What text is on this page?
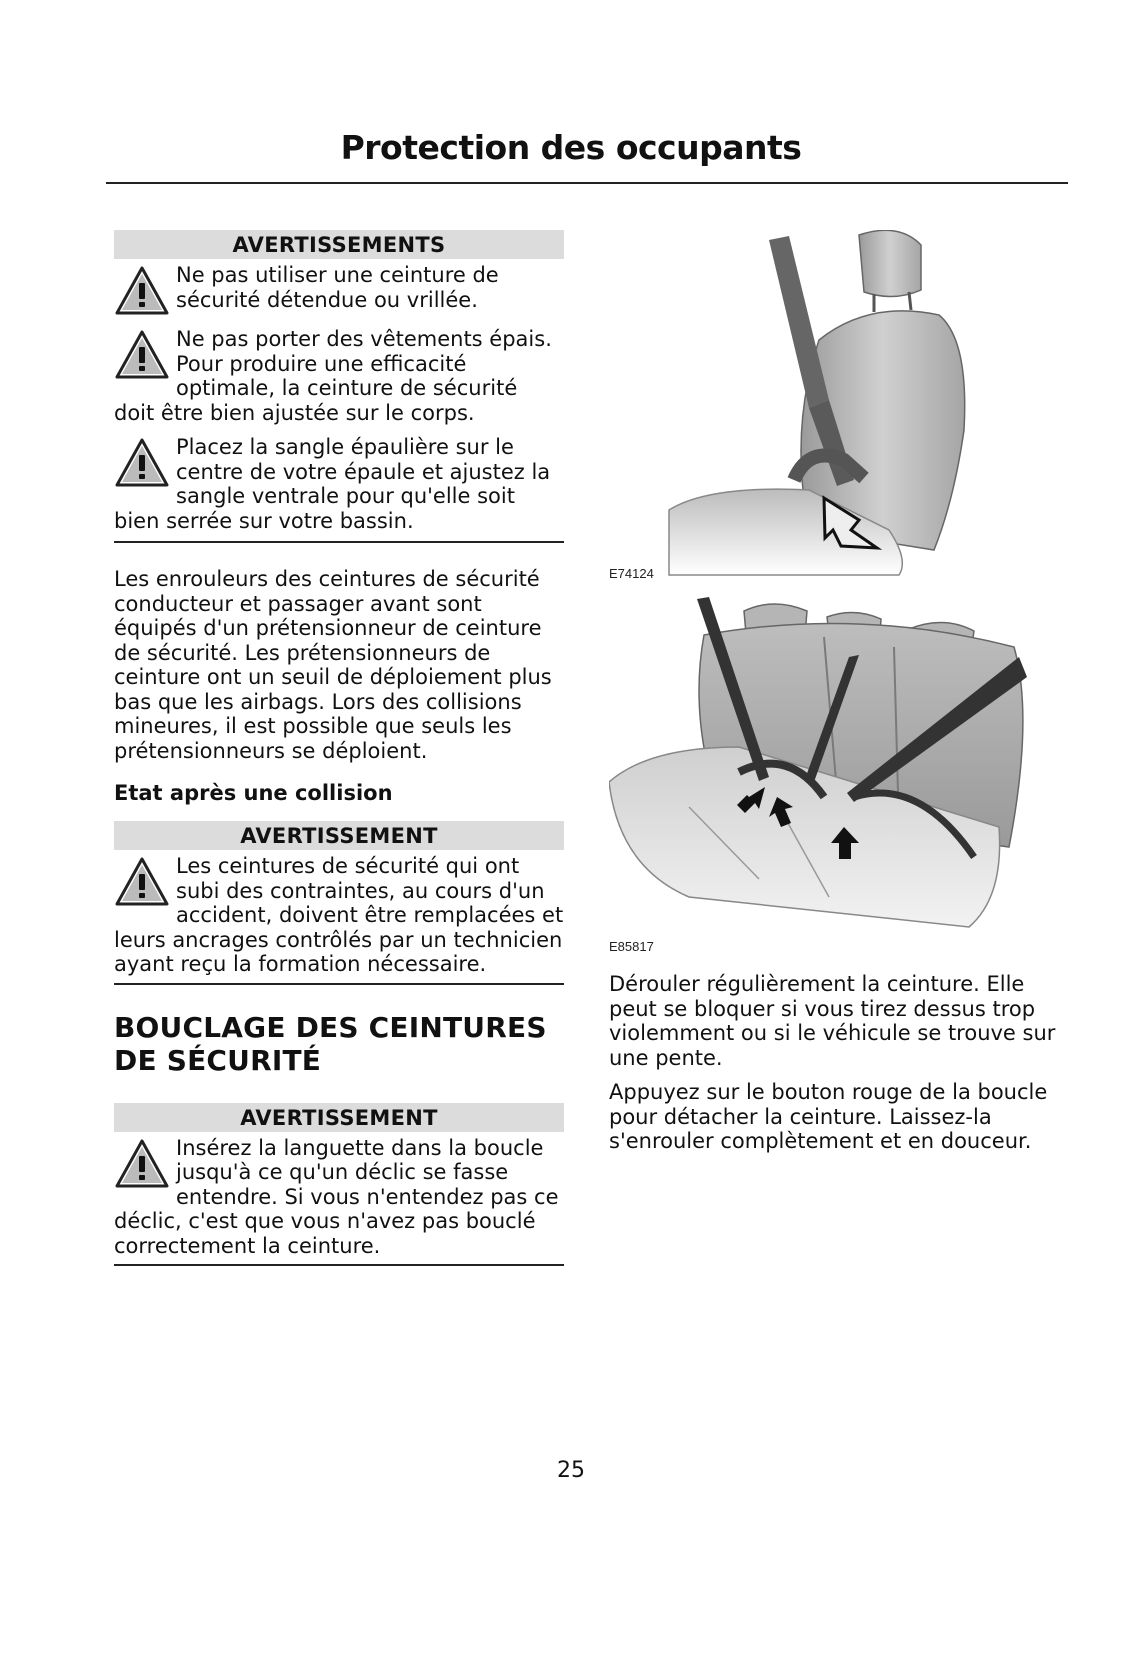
Protection des occupants
AVERTISSEMENTS

Ne pas utiliser une ceinture de sécurité détendue ou vrillée.

Ne pas porter des vêtements épais. Pour produire une efficacité optimale, la ceinture de sécurité doit être bien ajustée sur le corps.

Placez la sangle épaulière sur le centre de votre épaule et ajustez la sangle ventrale pour qu'elle soit bien serrée sur votre bassin.

Les enrouleurs des ceintures de sécurité conducteur et passager avant sont équipés d'un prétensionneur de ceinture de sécurité. Les prétensionneurs de ceinture ont un seuil de déploiement plus bas que les airbags. Lors des collisions mineures, il est possible que seuls les prétensionneurs se déploient.

Etat après une collision

AVERTISSEMENT

Les ceintures de sécurité qui ont subi des contraintes, au cours d'un accident, doivent être remplacées et leurs ancrages contrôlés par un technicien ayant reçu la formation nécessaire.

BOUCLAGE DES CEINTURES DE SÉCURITÉ

AVERTISSEMENT

Insérez la languette dans la boucle jusqu'à ce qu'un déclic se fasse entendre. Si vous n'entendez pas ce déclic, c'est que vous n'avez pas bouclé correctement la ceinture.

E74124
E85817

Dérouler régulièrement la ceinture. Elle peut se bloquer si vous tirez dessus trop violemment ou si le véhicule se trouve sur une pente.

Appuyez sur le bouton rouge de la boucle pour détacher la ceinture. Laissez-la s'enrouler complètement et en douceur.

25
